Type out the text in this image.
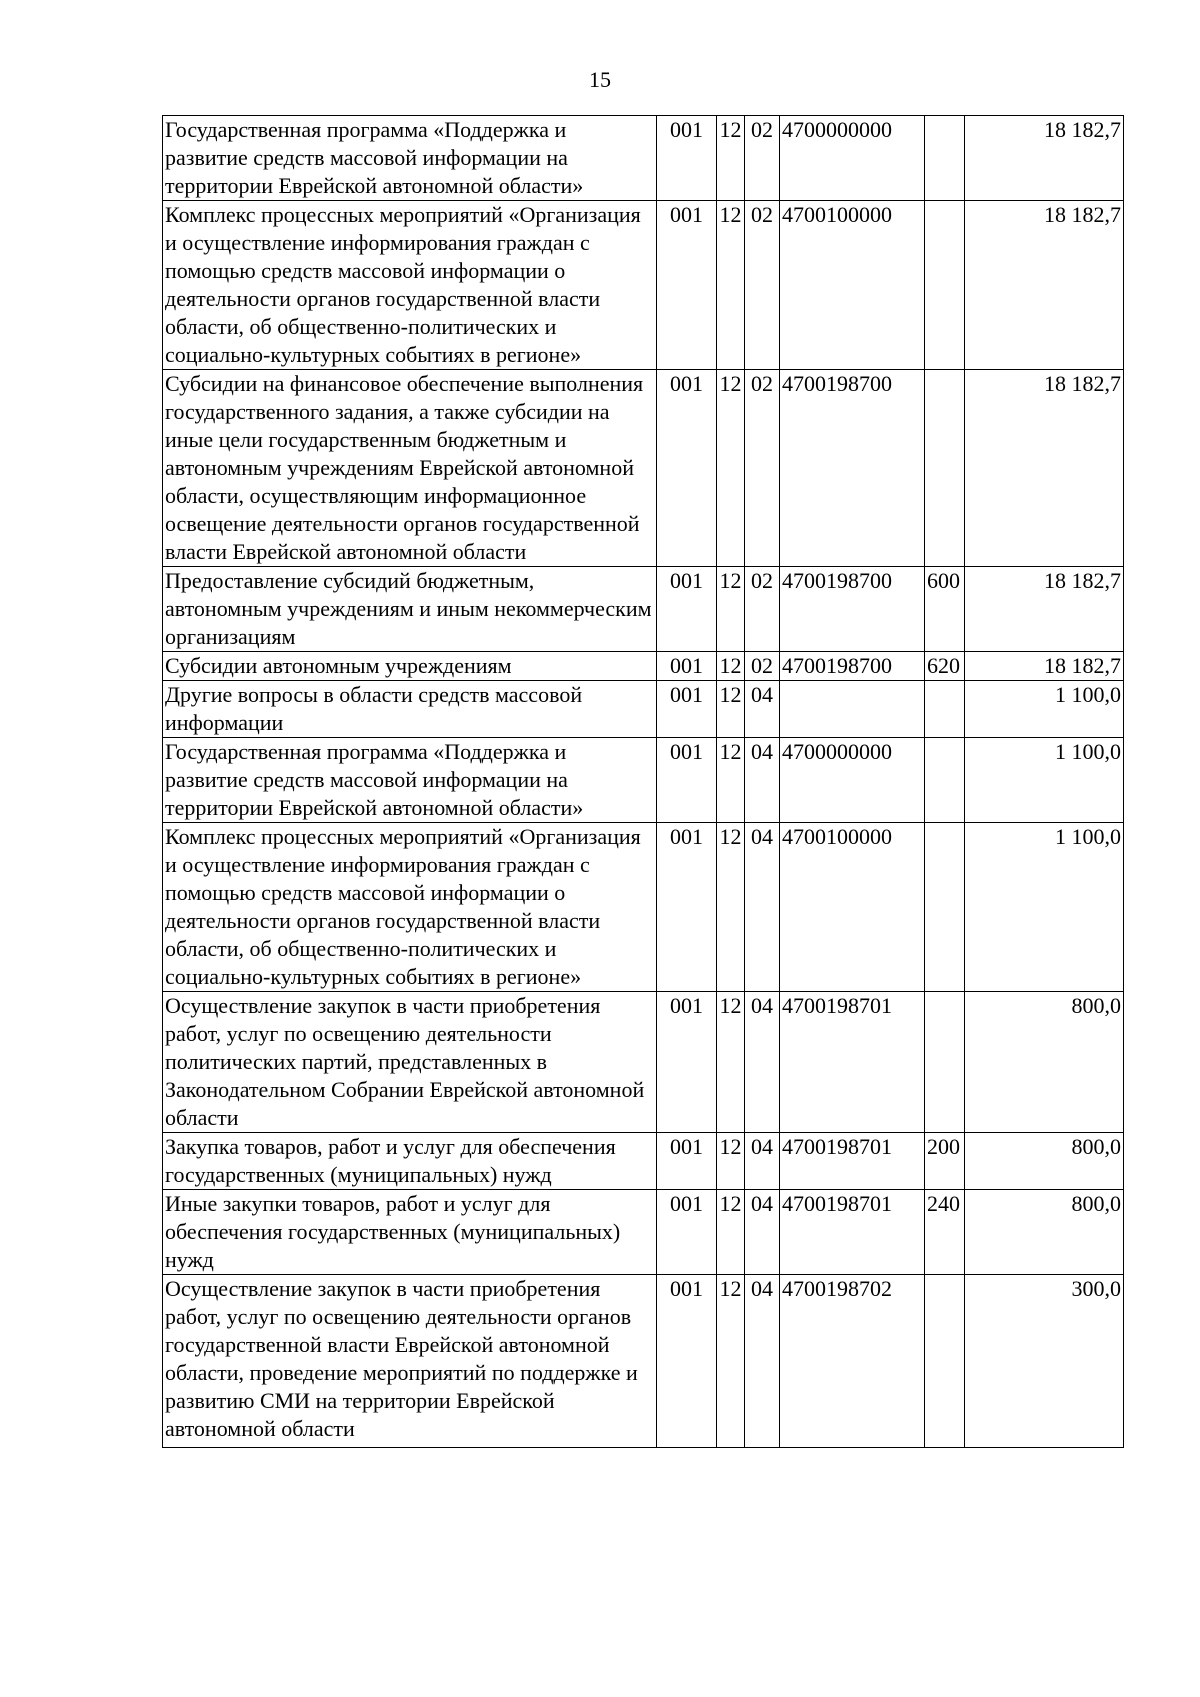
15
Государственная программа «Поддержка и развитие средств массовой информации на территории Еврейской автономной области»	001	12	02	4700000000		18 182,7
Комплекс процессных мероприятий «Организация и осуществление информирования граждан с помощью средств массовой информации о деятельности органов государственной власти области, об общественно-политических и социально-культурных событиях в регионе»	001	12	02	4700100000		18 182,7
Субсидии на финансовое обеспечение выполнения государственного задания, а также субсидии на иные цели государственным бюджетным и автономным учреждениям Еврейской автономной области, осуществляющим информационное освещение деятельности органов государственной власти Еврейской автономной области	001	12	02	4700198700		18 182,7
Предоставление субсидий бюджетным, автономным учреждениям и иным некоммерческим организациям	001	12	02	4700198700	600	18 182,7
Субсидии автономным учреждениям	001	12	02	4700198700	620	18 182,7
Другие вопросы в области средств массовой информации	001	12	04			1 100,0
Государственная программа «Поддержка и развитие средств массовой информации на территории Еврейской автономной области»	001	12	04	4700000000		1 100,0
Комплекс процессных мероприятий «Организация и осуществление информирования граждан с помощью средств массовой информации о деятельности органов государственной власти области, об общественно-политических и социально-культурных событиях в регионе»	001	12	04	4700100000		1 100,0
Осуществление закупок в части приобретения работ, услуг по освещению деятельности политических партий, представленных в Законодательном Собрании Еврейской автономной области	001	12	04	4700198701		800,0
Закупка товаров, работ и услуг для обеспечения государственных (муниципальных) нужд	001	12	04	4700198701	200	800,0
Иные закупки товаров, работ и услуг для обеспечения государственных (муниципальных) нужд	001	12	04	4700198701	240	800,0
Осуществление закупок в части приобретения работ, услуг по освещению деятельности органов государственной власти Еврейской автономной области, проведение мероприятий по поддержке и развитию СМИ на территории Еврейской автономной области	001	12	04	4700198702		300,0
